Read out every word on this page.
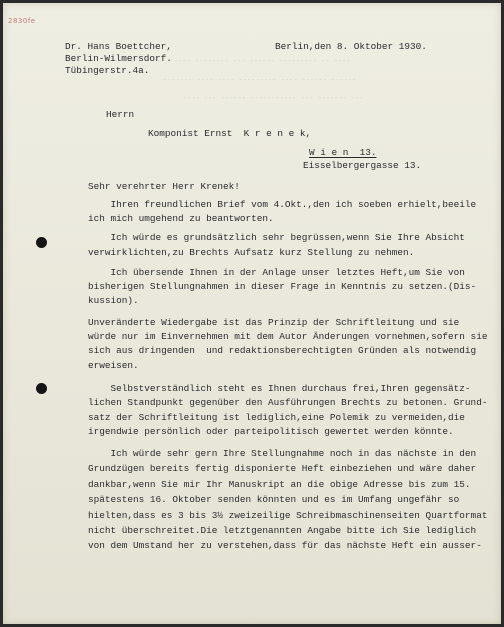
2830fe
--- ----- -------- --- ------ --------- -- ----
------- ---- ---- --------- ---- ------ ------
---- --- ------ ----------- --- ------- ---
Dr. Hans Boettcher,
Berlin-Wilmersdorf.
Tübingerstr.4a.
Berlin,den 8. Oktober 1930.
Herrn
Komponist Ernst  K r e n e k,
W i e n  13.
Eisselbergergasse 13.
Sehr verehrter Herr Krenek!
Ihren freundlichen Brief vom 4.Okt.,den ich soeben erhielt,beeile
ich mich umgehend zu beantworten.
Ich würde es grundsätzlich sehr begrüssen,wenn Sie Ihre Absicht
verwirklichten,zu Brechts Aufsatz kurz Stellung zu nehmen.
Ich übersende Ihnen in der Anlage unser letztes Heft,um Sie von
bisherigen Stellungnahmen in dieser Frage in Kenntnis zu setzen.(Dis-
kussion).
Unveränderte Wiedergabe ist das Prinzip der Schriftleitung und sie
würde nur im Einvernehmen mit dem Autor Änderungen vornehmen,sofern sie
sich aus dringenden  und redaktionsberechtigten Gründen als notwendig
erweisen.
Selbstverständlich steht es Ihnen durchaus frei,Ihren gegensätz-
lichen Standpunkt gegenüber den Ausführungen Brechts zu betonen. Grund-
satz der Schriftleitung ist lediglich,eine Polemik zu vermeiden,die
irgendwie persönlich oder parteipolitisch gewertet werden könnte.
Ich würde sehr gern Ihre Stellungnahme noch in das nächste in den
Grundzügen bereits fertig disponierte Heft einbeziehen und wäre daher
dankbar,wenn Sie mir Ihr Manuskript an die obige Adresse bis zum 15.
spätestens 16. Oktober senden könnten und es im Umfang ungefähr so
hielten,dass es 3 bis 3½ zweizeilige Schreibmaschinenseiten Quartformat
nicht überschreitet.Die letztgenannten Angabe bitte ich Sie lediglich
von dem Umstand her zu verstehen,dass für das nächste Heft ein ausser-
